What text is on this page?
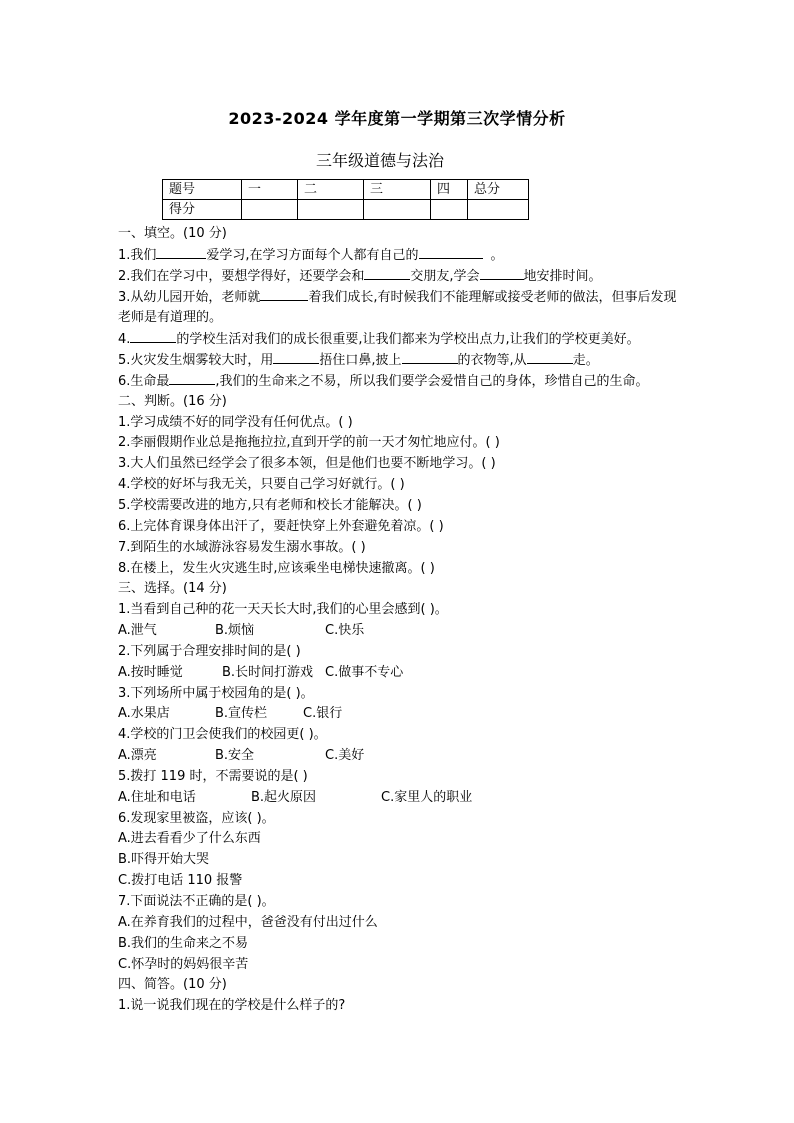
2023-2024 学年度第一学期第三次学情分析
三年级道德与法治
题号	一	二	三	四	总分
得分					
一、填空。(10 分)
1.我们	爱学习,在学习方面每个人都有自己的	。
2.我们在学习中，要想学得好，还要学会和	交朋友,学会	地安排时间。
3.从幼儿园开始，老师就	着我们成长,有时候我们不能理解或接受老师的做法，但事后发现老师是有道理的。
4.	的学校生活对我们的成长很重要,让我们都来为学校出点力,让我们的学校更美好。
5.火灾发生烟雾较大时，用	捂住口鼻,披上	的衣物等,从	走。
6.生命最	,我们的生命来之不易，所以我们要学会爱惜自己的身体，珍惜自己的生命。
二、判断。(16 分)
1.学习成绩不好的同学没有任何优点。( )
2.李丽假期作业总是拖拖拉拉,直到开学的前一天才匆忙地应付。( )
3.大人们虽然已经学会了很多本领，但是他们也要不断地学习。( )
4.学校的好坏与我无关，只要自己学习好就行。( )
5.学校需要改进的地方,只有老师和校长才能解决。( )
6.上完体育课身体出汗了，要赶快穿上外套避免着凉。( )
7.到陌生的水域游泳容易发生溺水事故。( )
8.在楼上，发生火灾逃生时,应该乘坐电梯快速撤离。( )
三、选择。(14 分)
1.当看到自己种的花一天天长大时,我们的心里会感到( )。
A.泄气	B.烦恼	C.快乐
2.下列属于合理安排时间的是( )
A.按时睡觉	B.长时间打游戏 C.做事不专心
3.下列场所中属于校园角的是( )。
A.水果店	B.宣传栏	C.银行
4.学校的门卫会使我们的校园更( )。
A.漂亮	B.安全	C.美好
5.拨打 119 时，不需要说的是( )
A.住址和电话	B.起火原因	C.家里人的职业
6.发现家里被盗，应该( )。
A.进去看看少了什么东西
B.吓得开始大哭
C.拨打电话 110 报警
7.下面说法不正确的是( )。
A.在养育我们的过程中，爸爸没有付出过什么
B.我们的生命来之不易
C.怀孕时的妈妈很辛苦
四、简答。(10 分)
1.说一说我们现在的学校是什么样子的?
